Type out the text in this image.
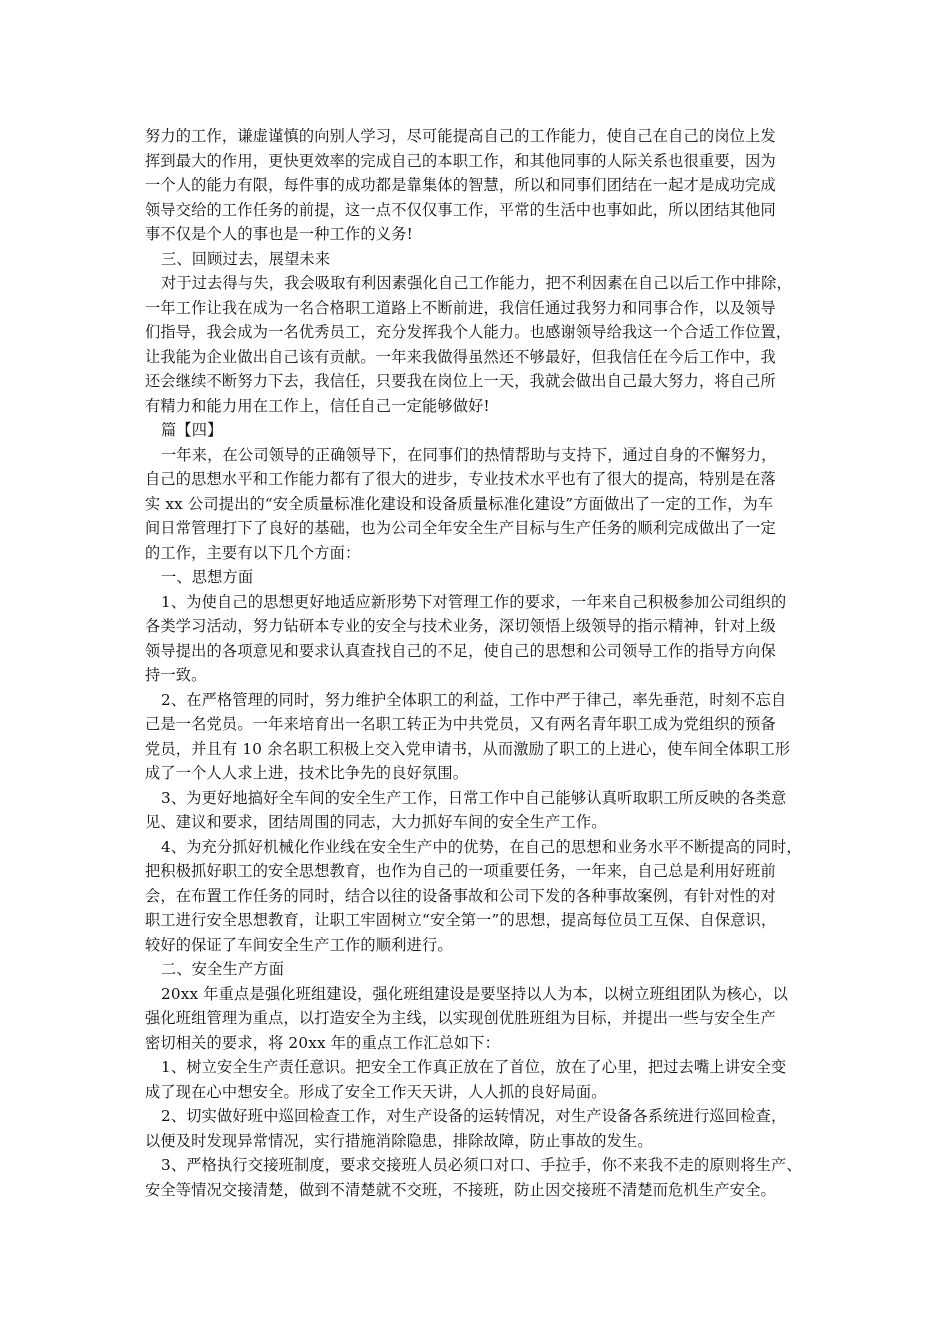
努力的工作，谦虚谨慎的向别人学习，尽可能提高自己的工作能力，使自己在自己的岗位上发
挥到最大的作用，更快更效率的完成自己的本职工作，和其他同事的人际关系也很重要，因为
一个人的能力有限，每件事的成功都是靠集体的智慧，所以和同事们团结在一起才是成功完成
领导交给的工作任务的前提，这一点不仅仅事工作，平常的生活中也事如此，所以团结其他同
事不仅是个人的事也是一种工作的义务!
三、回顾过去，展望未来
对于过去得与失，我会吸取有利因素强化自己工作能力，把不利因素在自己以后工作中排除，
一年工作让我在成为一名合格职工道路上不断前进，我信任通过我努力和同事合作，以及领导
们指导，我会成为一名优秀员工，充分发挥我个人能力。也感谢领导给我这一个合适工作位置，
让我能为企业做出自己该有贡献。一年来我做得虽然还不够最好，但我信任在今后工作中，我
还会继续不断努力下去，我信任，只要我在岗位上一天，我就会做出自己最大努力，将自己所
有精力和能力用在工作上，信任自己一定能够做好!
篇【四】
一年来，在公司领导的正确领导下，在同事们的热情帮助与支持下，通过自身的不懈努力，
自己的思想水平和工作能力都有了很大的进步，专业技术水平也有了很大的提高，特别是在落
实 xx 公司提出的“安全质量标准化建设和设备质量标准化建设”方面做出了一定的工作，为车
间日常管理打下了良好的基础，也为公司全年安全生产目标与生产任务的顺利完成做出了一定
的工作，主要有以下几个方面：
一、思想方面
1、为使自己的思想更好地适应新形势下对管理工作的要求，一年来自己积极参加公司组织的
各类学习活动，努力钻研本专业的安全与技术业务，深切领悟上级领导的指示精神，针对上级
领导提出的各项意见和要求认真查找自己的不足，使自己的思想和公司领导工作的指导方向保
持一致。
2、在严格管理的同时，努力维护全体职工的利益，工作中严于律己，率先垂范，时刻不忘自
己是一名党员。一年来培育出一名职工转正为中共党员，又有两名青年职工成为党组织的预备
党员，并且有 10 余名职工积极上交入党申请书，从而激励了职工的上进心，使车间全体职工形
成了一个人人求上进，技术比争先的良好氛围。
3、为更好地搞好全车间的安全生产工作，日常工作中自己能够认真听取职工所反映的各类意
见、建议和要求，团结周围的同志，大力抓好车间的安全生产工作。
4、为充分抓好机械化作业线在安全生产中的优势，在自己的思想和业务水平不断提高的同时，
把积极抓好职工的安全思想教育，也作为自己的一项重要任务，一年来，自己总是利用好班前
会，在布置工作任务的同时，结合以往的设备事故和公司下发的各种事故案例，有针对性的对
职工进行安全思想教育，让职工牢固树立“安全第一”的思想，提高每位员工互保、自保意识，
较好的保证了车间安全生产工作的顺利进行。
二、安全生产方面
20xx 年重点是强化班组建设，强化班组建设是要坚持以人为本，以树立班组团队为核心，以
强化班组管理为重点，以打造安全为主线，以实现创优胜班组为目标，并提出一些与安全生产
密切相关的要求，将 20xx 年的重点工作汇总如下：
1、树立安全生产责任意识。把安全工作真正放在了首位，放在了心里，把过去嘴上讲安全变
成了现在心中想安全。形成了安全工作天天讲，人人抓的良好局面。
2、切实做好班中巡回检查工作，对生产设备的运转情况，对生产设备各系统进行巡回检查，
以便及时发现异常情况，实行措施消除隐患，排除故障，防止事故的发生。
3、严格执行交接班制度，要求交接班人员必须口对口、手拉手，你不来我不走的原则将生产、
安全等情况交接清楚，做到不清楚就不交班，不接班，防止因交接班不清楚而危机生产安全。
